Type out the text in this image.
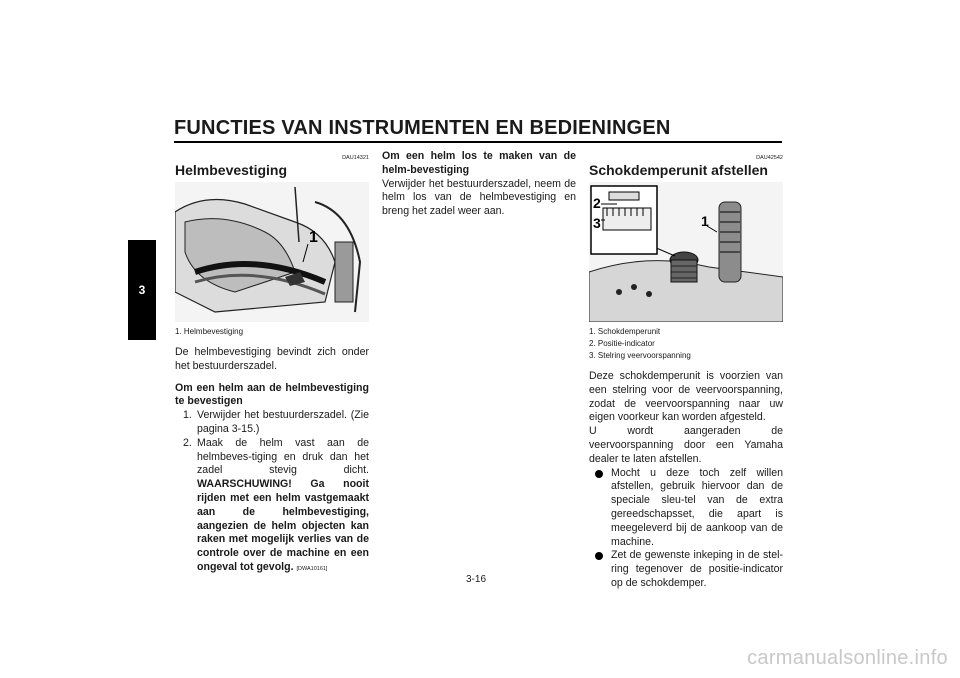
FUNCTIES VAN INSTRUMENTEN EN BEDIENINGEN
3
DAU14321
Helmbevestiging
1
1. Helmbevestiging

De helmbevestiging bevindt zich onder het bestuurderszadel.

Om een helm aan de helmbevestiging te bevestigen

1. Verwijder het bestuurderszadel. (Zie pagina 3-15.)
2. Maak de helm vast aan de helmbeves-tiging en druk dan het zadel stevig dicht. WAARSCHUWING! Ga nooit rijden met een helm vastgemaakt aan de helmbevestiging, aangezien de helm objecten kan raken met mogelijk verlies van de controle over de machine en een ongeval tot gevolg. [DWA10161]

Om een helm los te maken van de helm-bevestiging

Verwijder het bestuurderszadel, neem de helm los van de helmbevestiging en breng het zadel weer aan.

DAU42542
Schokdemperunit afstellen
2
3	1
1. Schokdemperunit
2. Positie-indicator
3. Stelring veervoorspanning

Deze schokdemperunit is voorzien van een stelring voor de veervoorspanning, zodat de veervoorspanning naar uw eigen voorkeur kan worden afgesteld.

U wordt aangeraden de veervoorspanning door een Yamaha dealer te laten afstellen.

Mocht u deze toch zelf willen afstellen, gebruik hiervoor dan de speciale sleu-tel van de extra gereedschapsset, die apart is meegeleverd bij de aankoop van de machine.
Zet de gewenste inkeping in de stel-ring tegenover de positie-indicator op de schokdemper.
3-16
carmanualsonline.info
